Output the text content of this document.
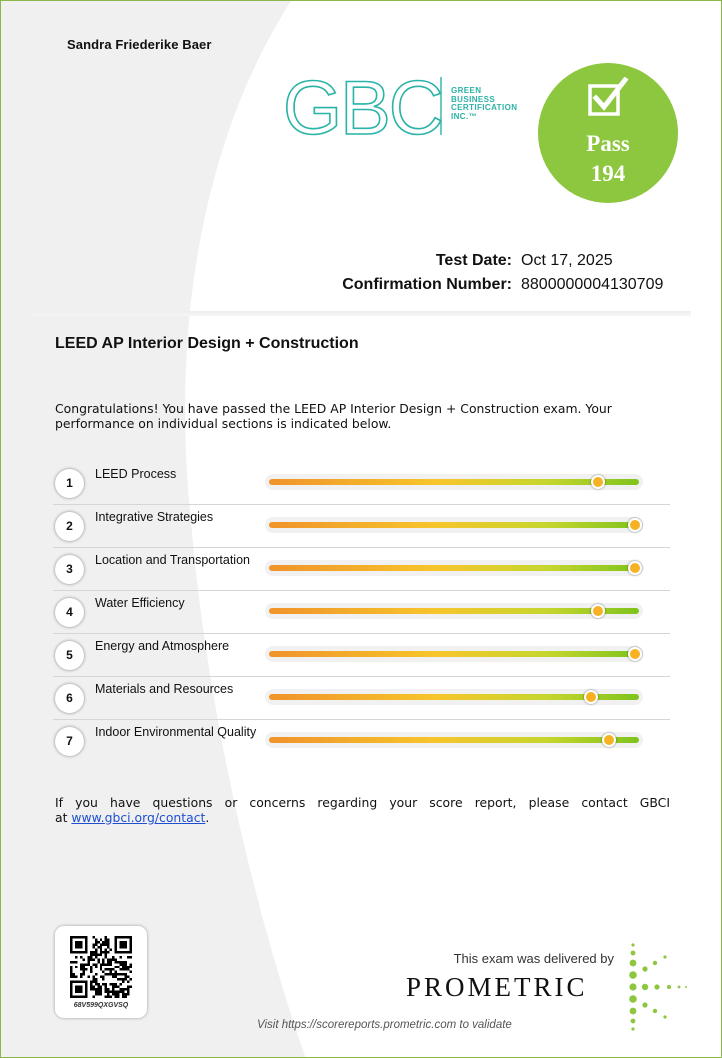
Sandra Friederike Baer
GBC GREEN
BUSINESS
CERTIFICATION
INC.™
Pass
194
Test Date: Oct 17, 2025
Confirmation Number: 8800000004130709
LEED AP Interior Design + Construction
Congratulations! You have passed the LEED AP Interior Design + Construction exam. Your performance on individual sections is indicated below.
1
LEED Process
2
Integrative Strategies
3
Location and Transportation
4
Water Efficiency
5
Energy and Atmosphere
6
Materials and Resources
7
Indoor Environmental Quality
If you have questions or concerns regarding your score report, please contact GBCI
at www.gbci.org/contact.
68V599QXGVSQ
This exam was delivered by
PROMETRIC
Visit https://scorereports.prometric.com to validate
